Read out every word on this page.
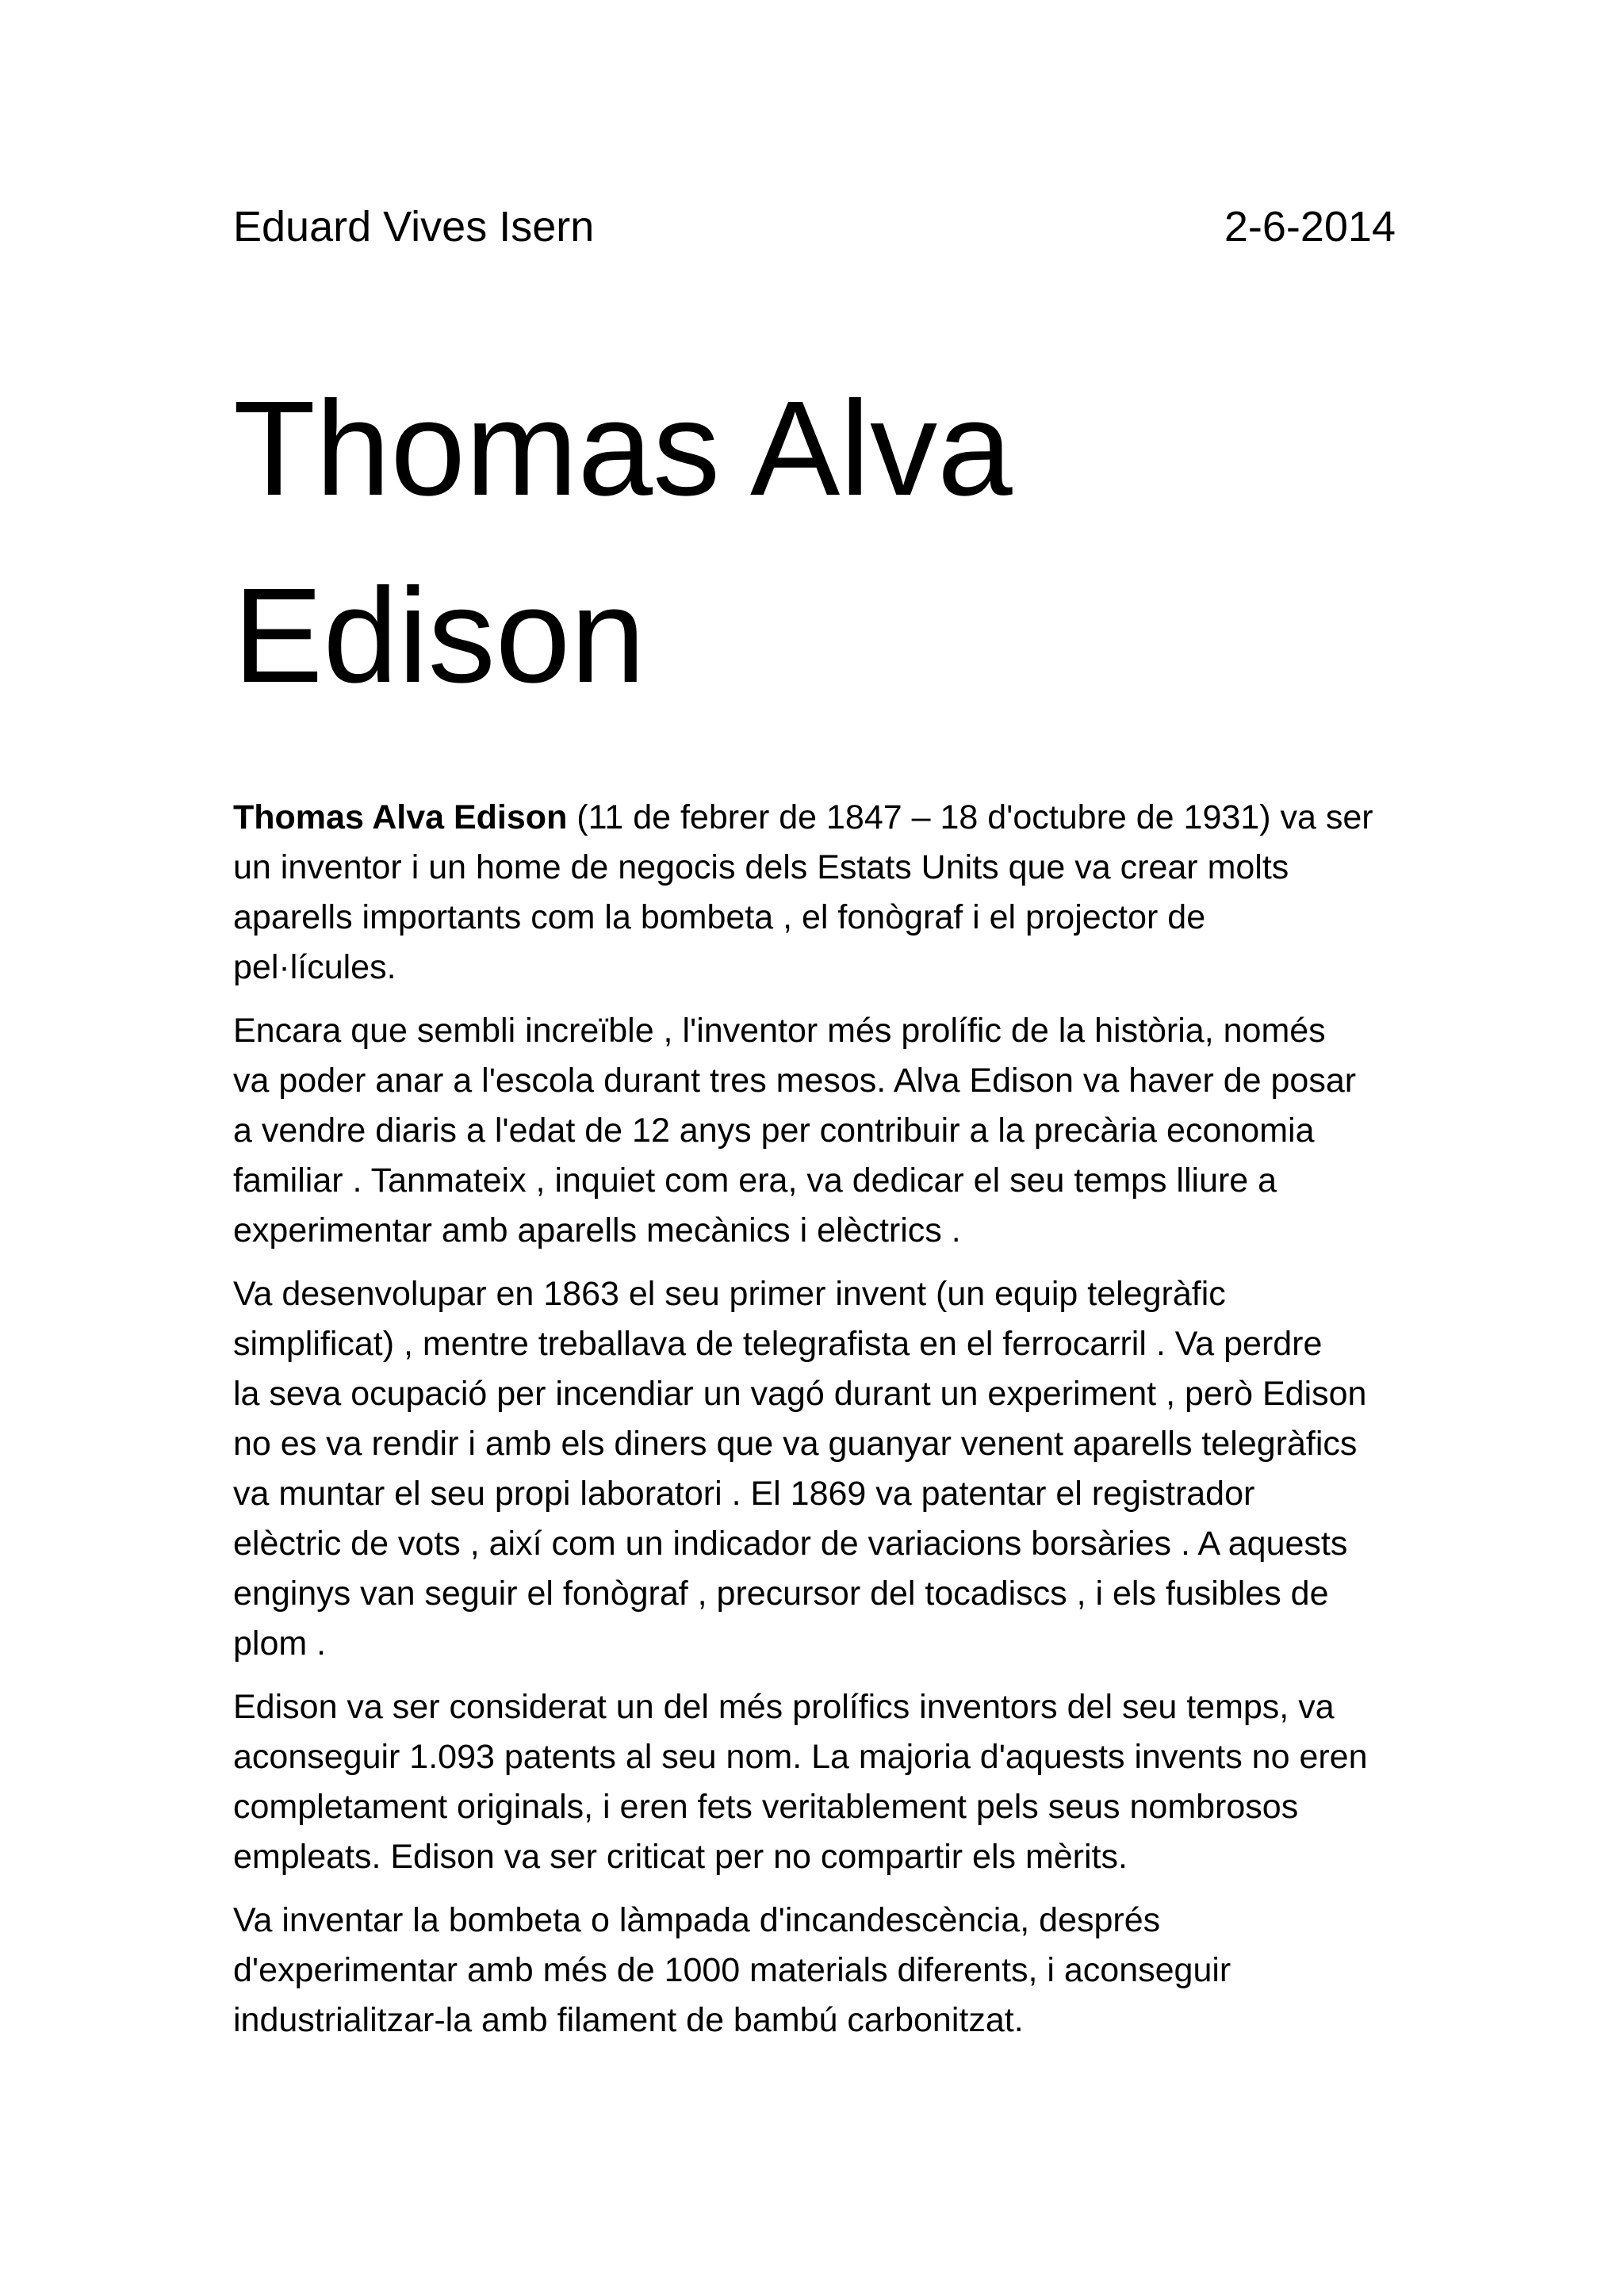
Eduard Vives Isern	2-6-2014
Thomas Alva
Edison

Thomas Alva Edison (11 de febrer de 1847 – 18 d'octubre de 1931) va ser
un inventor i un home de negocis dels Estats Units que va crear molts
aparells importants com la bombeta , el fonògraf i el projector de
pel·lícules.

Encara que sembli increïble , l'inventor més prolífic de la història, només
va poder anar a l'escola durant tres mesos. Alva Edison va haver de posar
a vendre diaris a l'edat de 12 anys per contribuir a la precària economia
familiar . Tanmateix , inquiet com era, va dedicar el seu temps lliure a
experimentar amb aparells mecànics i elèctrics .

Va desenvolupar en 1863 el seu primer invent (un equip telegràfic
simplificat) , mentre treballava de telegrafista en el ferrocarril . Va perdre
la seva ocupació per incendiar un vagó durant un experiment , però Edison
no es va rendir i amb els diners que va guanyar venent aparells telegràfics
va muntar el seu propi laboratori . El 1869 va patentar el registrador
elèctric de vots , així com un indicador de variacions borsàries . A aquests
enginys van seguir el fonògraf , precursor del tocadiscs , i els fusibles de
plom .

Edison va ser considerat un del més prolífics inventors del seu temps, va
aconseguir 1.093 patents al seu nom. La majoria d'aquests invents no eren
completament originals, i eren fets veritablement pels seus nombrosos
empleats. Edison va ser criticat per no compartir els mèrits.

Va inventar la bombeta o làmpada d'incandescència, després
d'experimentar amb més de 1000 materials diferents, i aconseguir
industrialitzar-la amb filament de bambú carbonitzat.
